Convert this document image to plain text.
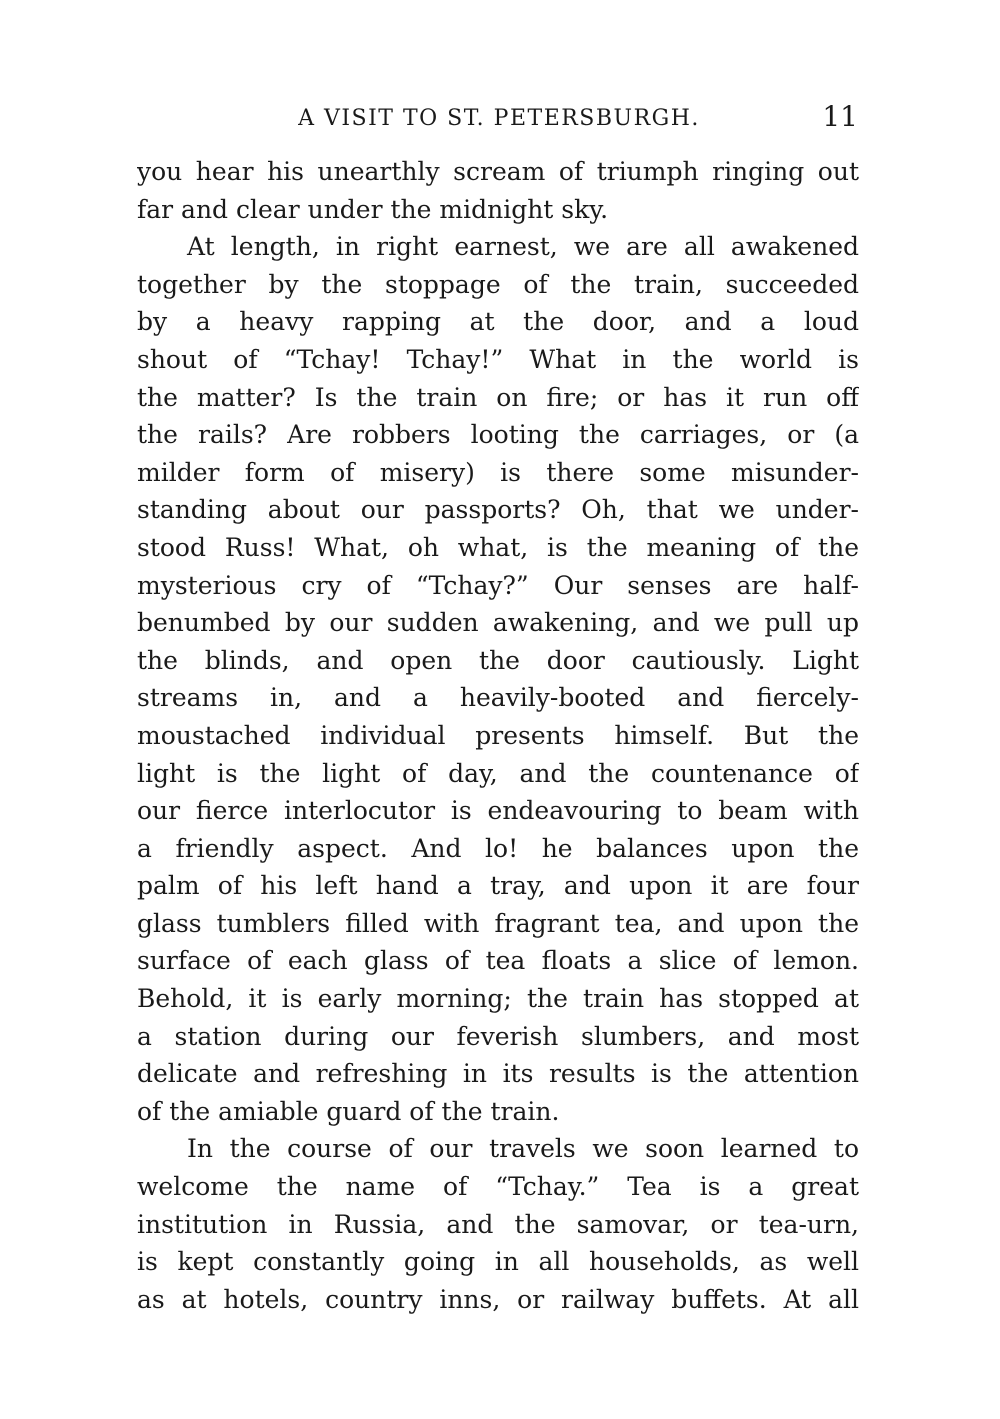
A VISIT TO ST. PETERSBURGH.	11
you hear his unearthly scream of triumph ringing out
far and clear under the midnight sky.
At length, in right earnest, we are all awakened
together by the stoppage of the train, succeeded
by a heavy rapping at the door, and a loud
shout of “Tchay! Tchay!” What in the world is
the matter? Is the train on fire; or has it run off
the rails? Are robbers looting the carriages, or (a
milder form of misery) is there some misunder-
standing about our passports? Oh, that we under-
stood Russ! What, oh what, is the meaning of the
mysterious cry of “Tchay?” Our senses are half-
benumbed by our sudden awakening, and we pull up
the blinds, and open the door cautiously. Light
streams in, and a heavily-booted and fiercely-
moustached individual presents himself. But the
light is the light of day, and the countenance of
our fierce interlocutor is endeavouring to beam with
a friendly aspect. And lo! he balances upon the
palm of his left hand a tray, and upon it are four
glass tumblers filled with fragrant tea, and upon the
surface of each glass of tea floats a slice of lemon.
Behold, it is early morning; the train has stopped at
a station during our feverish slumbers, and most
delicate and refreshing in its results is the attention
of the amiable guard of the train.
In the course of our travels we soon learned to
welcome the name of “Tchay.” Tea is a great
institution in Russia, and the samovar, or tea-urn,
is kept constantly going in all households, as well
as at hotels, country inns, or railway buffets. At all
